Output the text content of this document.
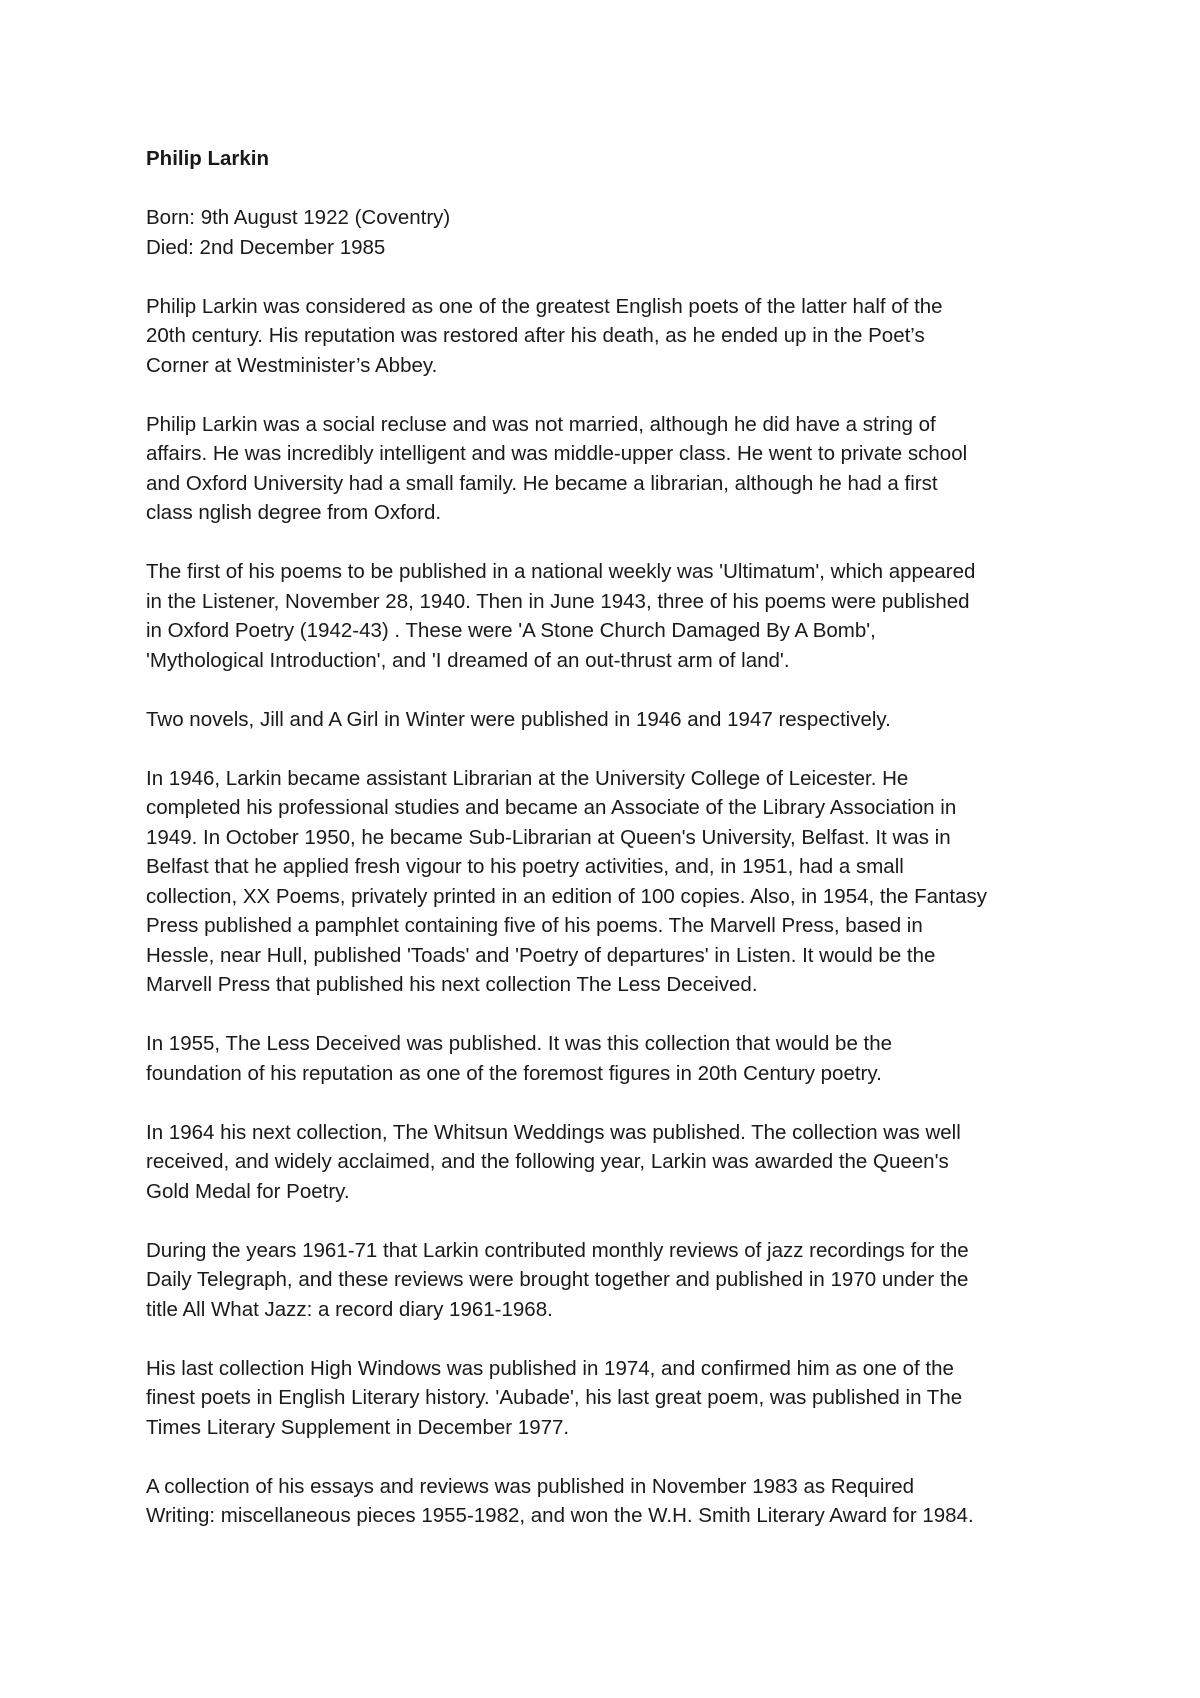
Philip Larkin

Born: 9th August 1922 (Coventry)
Died: 2nd December 1985

Philip Larkin was considered as one of the greatest English poets of the latter half of the
20th century. His reputation was restored after his death, as he ended up in the Poet’s
Corner at Westminister’s Abbey.

Philip Larkin was a social recluse and was not married, although he did have a string of
affairs. He was incredibly intelligent and was middle-upper class. He went to private school
and Oxford University had a small family. He became a librarian, although he had a first
class nglish degree from Oxford.

The first of his poems to be published in a national weekly was 'Ultimatum', which appeared
in the Listener, November 28, 1940. Then in June 1943, three of his poems were published
in Oxford Poetry (1942-43) . These were 'A Stone Church Damaged By A Bomb',
'Mythological Introduction', and 'I dreamed of an out-thrust arm of land'.

Two novels, Jill and A Girl in Winter were published in 1946 and 1947 respectively.

In 1946, Larkin became assistant Librarian at the University College of Leicester. He
completed his professional studies and became an Associate of the Library Association in
1949. In October 1950, he became Sub-Librarian at Queen's University, Belfast. It was in
Belfast that he applied fresh vigour to his poetry activities, and, in 1951, had a small
collection, XX Poems, privately printed in an edition of 100 copies. Also, in 1954, the Fantasy
Press published a pamphlet containing five of his poems. The Marvell Press, based in
Hessle, near Hull, published 'Toads' and 'Poetry of departures' in Listen. It would be the
Marvell Press that published his next collection The Less Deceived.

In 1955, The Less Deceived was published. It was this collection that would be the
foundation of his reputation as one of the foremost figures in 20th Century poetry.

In 1964 his next collection, The Whitsun Weddings was published. The collection was well
received, and widely acclaimed, and the following year, Larkin was awarded the Queen's
Gold Medal for Poetry.

During the years 1961-71 that Larkin contributed monthly reviews of jazz recordings for the
Daily Telegraph, and these reviews were brought together and published in 1970 under the
title All What Jazz: a record diary 1961-1968.

His last collection High Windows was published in 1974, and confirmed him as one of the
finest poets in English Literary history. 'Aubade', his last great poem, was published in The
Times Literary Supplement in December 1977.

A collection of his essays and reviews was published in November 1983 as Required
Writing: miscellaneous pieces 1955-1982, and won the W.H. Smith Literary Award for 1984.
